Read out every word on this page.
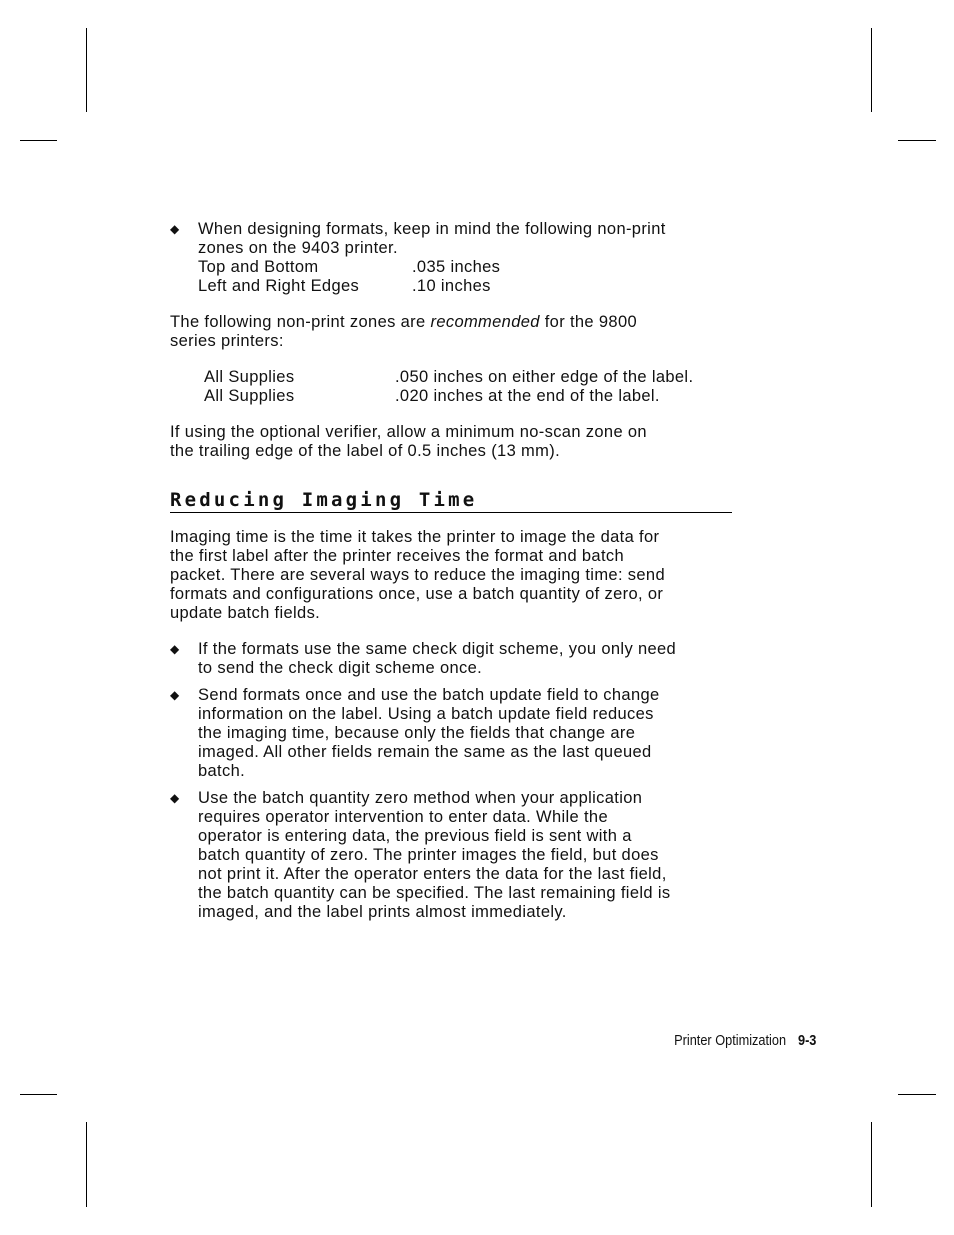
◆ When designing formats, keep in mind the following non-print
zones on the 9403 printer.
Top and Bottom	.035 inches
Left and Right Edges	.10 inches
The following non-print zones are recommended for the 9800
series printers:
All Supplies	.050 inches on either edge of the label.
All Supplies	.020 inches at the end of the label.
If using the optional verifier, allow a minimum no-scan zone on
the trailing edge of the label of 0.5 inches (13 mm).
Reducing Imaging Time
Imaging time is the time it takes the printer to image the data for
the first label after the printer receives the format and batch
packet. There are several ways to reduce the imaging time: send
formats and configurations once, use a batch quantity of zero, or
update batch fields.
◆ If the formats use the same check digit scheme, you only need
to send the check digit scheme once.
◆ Send formats once and use the batch update field to change
information on the label. Using a batch update field reduces
the imaging time, because only the fields that change are
imaged. All other fields remain the same as the last queued
batch.
◆ Use the batch quantity zero method when your application
requires operator intervention to enter data. While the
operator is entering data, the previous field is sent with a
batch quantity of zero. The printer images the field, but does
not print it. After the operator enters the data for the last field,
the batch quantity can be specified. The last remaining field is
imaged, and the label prints almost immediately.
Printer Optimization 9-3
